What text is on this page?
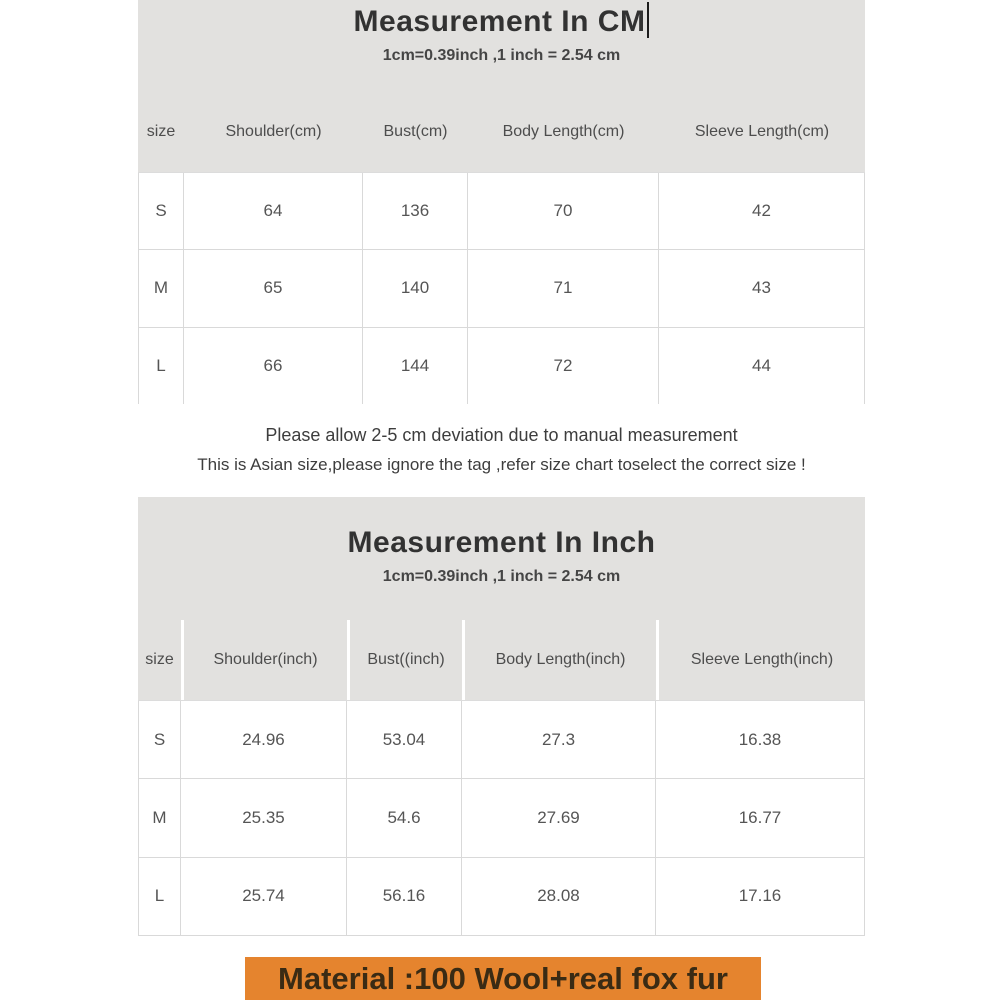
Measurement In CM
1cm=0.39inch ,1 inch = 2.54 cm
size	Shoulder(cm)	Bust(cm)	Body Length(cm)	Sleeve Length(cm)
S	64	136	70	42
M	65	140	71	43
L	66	144	72	44
Please allow 2-5 cm deviation due to manual measurement
This is Asian size,please ignore the tag ,refer size chart toselect the correct size !
Measurement In Inch
1cm=0.39inch ,1 inch = 2.54 cm
size	Shoulder(inch)	Bust((inch)	Body Length(inch)	Sleeve Length(inch)
S	24.96	53.04	27.3	16.38
M	25.35	54.6	27.69	16.77
L	25.74	56.16	28.08	17.16
Material :100 Wool+real fox fur
